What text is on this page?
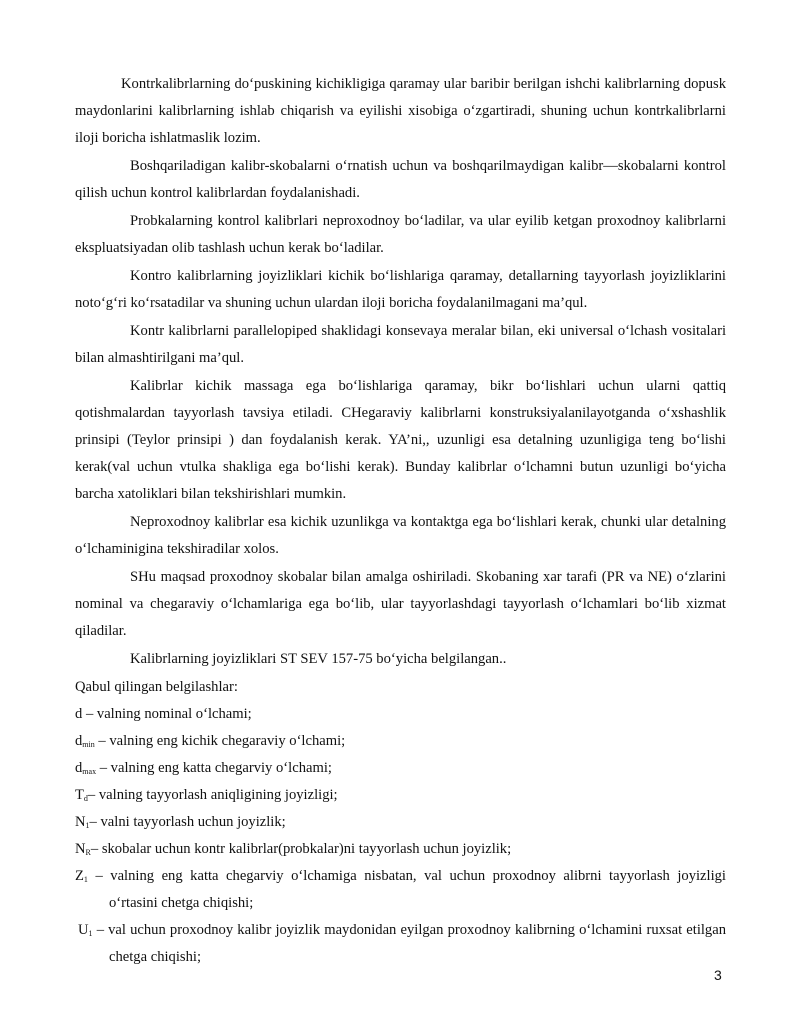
Kontrkalibrlarning do‘puskining kichikligiga qaramay ular baribir berilgan ishchi kalibrlarning dopusk maydonlarini kalibrlarning ishlab chiqarish va eyilishi xisobiga o‘zgartiradi, shuning uchun kontrkalibrlarni iloji boricha ishlatmaslik lozim.

Boshqariladigan kalibr-skobalarni o‘rnatish uchun va boshqarilmaydigan kalibr—skobalarni kontrol qilish uchun kontrol kalibrlardan foydalanishadi.

Probkalarning kontrol kalibrlari neproxodnoy bo‘ladilar, va ular eyilib ketgan proxodnoy kalibrlarni ekspluatsiyadan olib tashlash uchun kerak bo‘ladilar.

Kontro kalibrlarning joyizliklari kichik bo‘lishlariga qaramay, detallarning tayyorlash joyizliklarini noto‘g‘ri ko‘rsatadilar va shuning uchun ulardan iloji boricha foydalanilmagani ma’qul.

Kontr kalibrlarni parallelopiped shaklidagi konsevaya meralar bilan, eki universal o‘lchash vositalari bilan almashtirilgani ma’qul.

Kalibrlar kichik massaga ega bo‘lishlariga qaramay, bikr bo‘lishlari uchun ularni qattiq qotishmalardan tayyorlash tavsiya etiladi. CHegaraviy kalibrlarni konstruksiyalanilayotganda o‘xshashlik prinsipi (Teylor prinsipi ) dan foydalanish kerak. YA’ni,, uzunligi esa detalning uzunligiga teng bo‘lishi kerak(val uchun vtulka shakliga ega bo‘lishi kerak). Bunday kalibrlar o‘lchamni butun uzunligi bo‘yicha barcha xatoliklari bilan tekshirishlari mumkin.

Neproxodnoy kalibrlar esa kichik uzunlikga va kontaktga ega bo‘lishlari kerak, chunki ular detalning o‘lchaminigina tekshiradilar xolos.

SHu maqsad proxodnoy skobalar bilan amalga oshiriladi. Skobaning xar tarafi (PR va NE) o‘zlarini nominal va chegaraviy o‘lchamlariga ega bo‘lib, ular tayyorlashdagi tayyorlash o‘lchamlari bo‘lib xizmat qiladilar.

Kalibrlarning joyizliklari ST SEV 157-75 bo‘yicha belgilangan..

Qabul qilingan belgilashlar:

d – valning nominal o‘lchami;

$d_{min}$ – valning eng kichik chegaraviy o‘lchami;

$d_{max}$ – valning eng katta chegarviy o‘lchami;

$T_d-$ valning tayyorlash aniqligining joyizligi;

$N_1-$ valni tayyorlash uchun joyizlik;

$N_R-$ skobalar uchun kontr kalibrlar(probkalar)ni tayyorlash uchun joyizlik;

$Z_1$ – valning eng katta chegarviy o‘lchamiga nisbatan, val uchun proxodnoy alibrni tayyorlash joyizligi o‘rtasini chetga chiqishi;

$U_1$ – val uchun proxodnoy kalibr joyizlik maydonidan eyilgan proxodnoy kalibrning o‘lchamini ruxsat etilgan chetga chiqishi;

3
